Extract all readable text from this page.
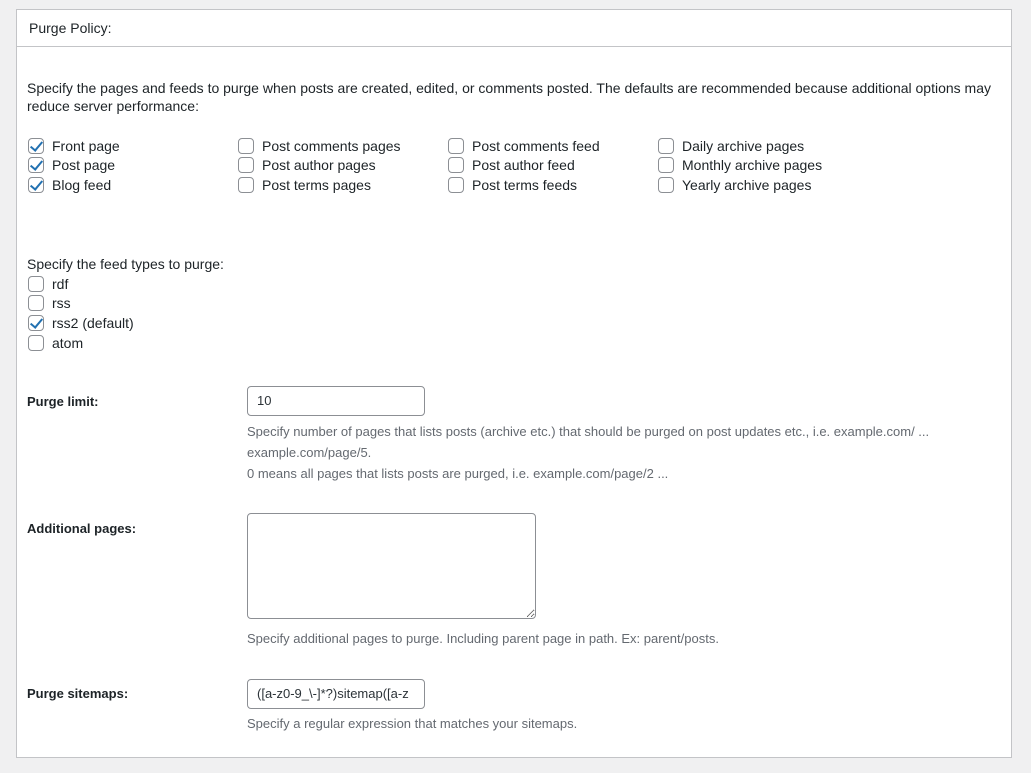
Purge Policy:
Specify the pages and feeds to purge when posts are created, edited, or comments posted. The defaults are recommended because additional options may reduce server performance:
Front page
Post page
Blog feed
Post comments pages
Post author pages
Post terms pages
Post comments feed
Post author feed
Post terms feeds
Daily archive pages
Monthly archive pages
Yearly archive pages
Specify the feed types to purge:
rdf
rss
rss2 (default)
atom
Purge limit:	10
Specify number of pages that lists posts (archive etc.) that should be purged on post updates etc., i.e. example.com/ ...
example.com/page/5.
0 means all pages that lists posts are purged, i.e. example.com/page/2 ...
Additional pages:
Specify additional pages to purge. Including parent page in path. Ex: parent/posts.
Purge sitemaps:	([a-z0-9_\-]*?)sitemap([a-z
Specify a regular expression that matches your sitemaps.
